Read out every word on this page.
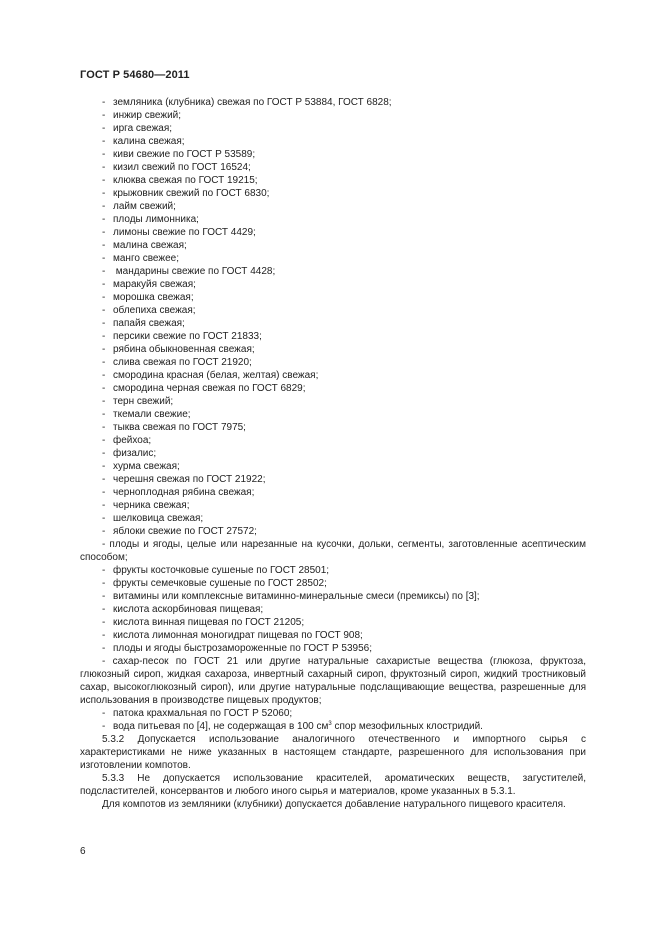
ГОСТ Р 54680—2011
- земляника (клубника) свежая по ГОСТ Р 53884, ГОСТ 6828;
- инжир свежий;
- ирга свежая;
- калина свежая;
- киви свежие по ГОСТ Р 53589;
- кизил свежий по ГОСТ 16524;
- клюква свежая по ГОСТ 19215;
- крыжовник свежий по ГОСТ 6830;
- лайм свежий;
- плоды лимонника;
- лимоны свежие по ГОСТ 4429;
- малина свежая;
- манго свежее;
- мандарины свежие по ГОСТ 4428;
- маракуйя свежая;
- морошка свежая;
- облепиха свежая;
- папайя свежая;
- персики свежие по ГОСТ 21833;
- рябина обыкновенная свежая;
- слива свежая по ГОСТ 21920;
- смородина красная (белая, желтая) свежая;
- смородина черная свежая по ГОСТ 6829;
- терн свежий;
- ткемали свежие;
- тыква свежая по ГОСТ 7975;
- фейхоа;
- физалис;
- хурма свежая;
- черешня свежая по ГОСТ 21922;
- черноплодная рябина свежая;
- черника свежая;
- шелковица свежая;
- яблоки свежие по ГОСТ 27572;
- плоды и ягоды, целые или нарезанные на кусочки, дольки, сегменты, заготовленные асептическим способом;
- фрукты косточковые сушеные по ГОСТ 28501;
- фрукты семечковые сушеные по ГОСТ 28502;
- витамины или комплексные витаминно-минеральные смеси (премиксы) по [3];
- кислота аскорбиновая пищевая;
- кислота винная пищевая по ГОСТ 21205;
- кислота лимонная моногидрат пищевая по ГОСТ 908;
- плоды и ягоды быстрозамороженные по ГОСТ Р 53956;
- сахар-песок по ГОСТ 21 или другие натуральные сахаристые вещества (глюкоза, фруктоза, глюкозный сироп, жидкая сахароза, инвертный сахарный сироп, фруктозный сироп, жидкий тростниковый сахар, высокоглюкозный сироп), или другие натуральные подслащивающие вещества, разрешенные для использования в производстве пищевых продуктов;
- патока крахмальная по ГОСТ Р 52060;
- вода питьевая по [4], не содержащая в 100 $см^3$ спор мезофильных клостридий.
5.3.2 Допускается использование аналогичного отечественного и импортного сырья с характеристиками не ниже указанных в настоящем стандарте, разрешенного для использования при изготовлении компотов.
5.3.3 Не допускается использование красителей, ароматических веществ, загустителей, подсластителей, консервантов и любого иного сырья и материалов, кроме указанных в 5.3.1.
Для компотов из земляники (клубники) допускается добавление натурального пищевого красителя.
6
